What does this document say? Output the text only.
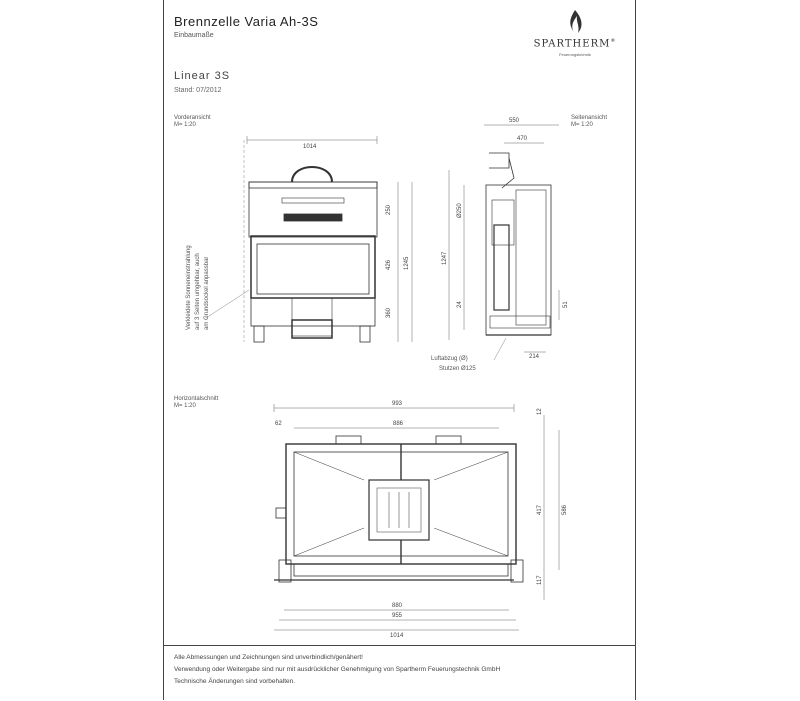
Brennzelle Varia Ah-3S
Einbaumaße
SPARTHERM®
Feuerungstechnik
Linear 3S
Stand: 07/2012
Vorderansicht
M= 1:20
Seitenansicht
M= 1:20
Horizontalschnitt
M= 1:20
Verkleidete Sonneneinstrahlung auf 3 Seiten umgehbar, auch am Grundsockel anpassbar
Luftabzug (Ø)
Stutzen Ø125
1014
250
426 1245
360
550
470
Ø250
1247
24	51
214
993
886
62
12
417	586
117
880
955
1014
Alle Abmessungen und Zeichnungen sind unverbindlich/genähert!
Verwendung oder Weitergabe sind nur mit ausdrücklicher Genehmigung von Spartherm Feuerungstechnik GmbH
Technische Änderungen sind vorbehalten.
